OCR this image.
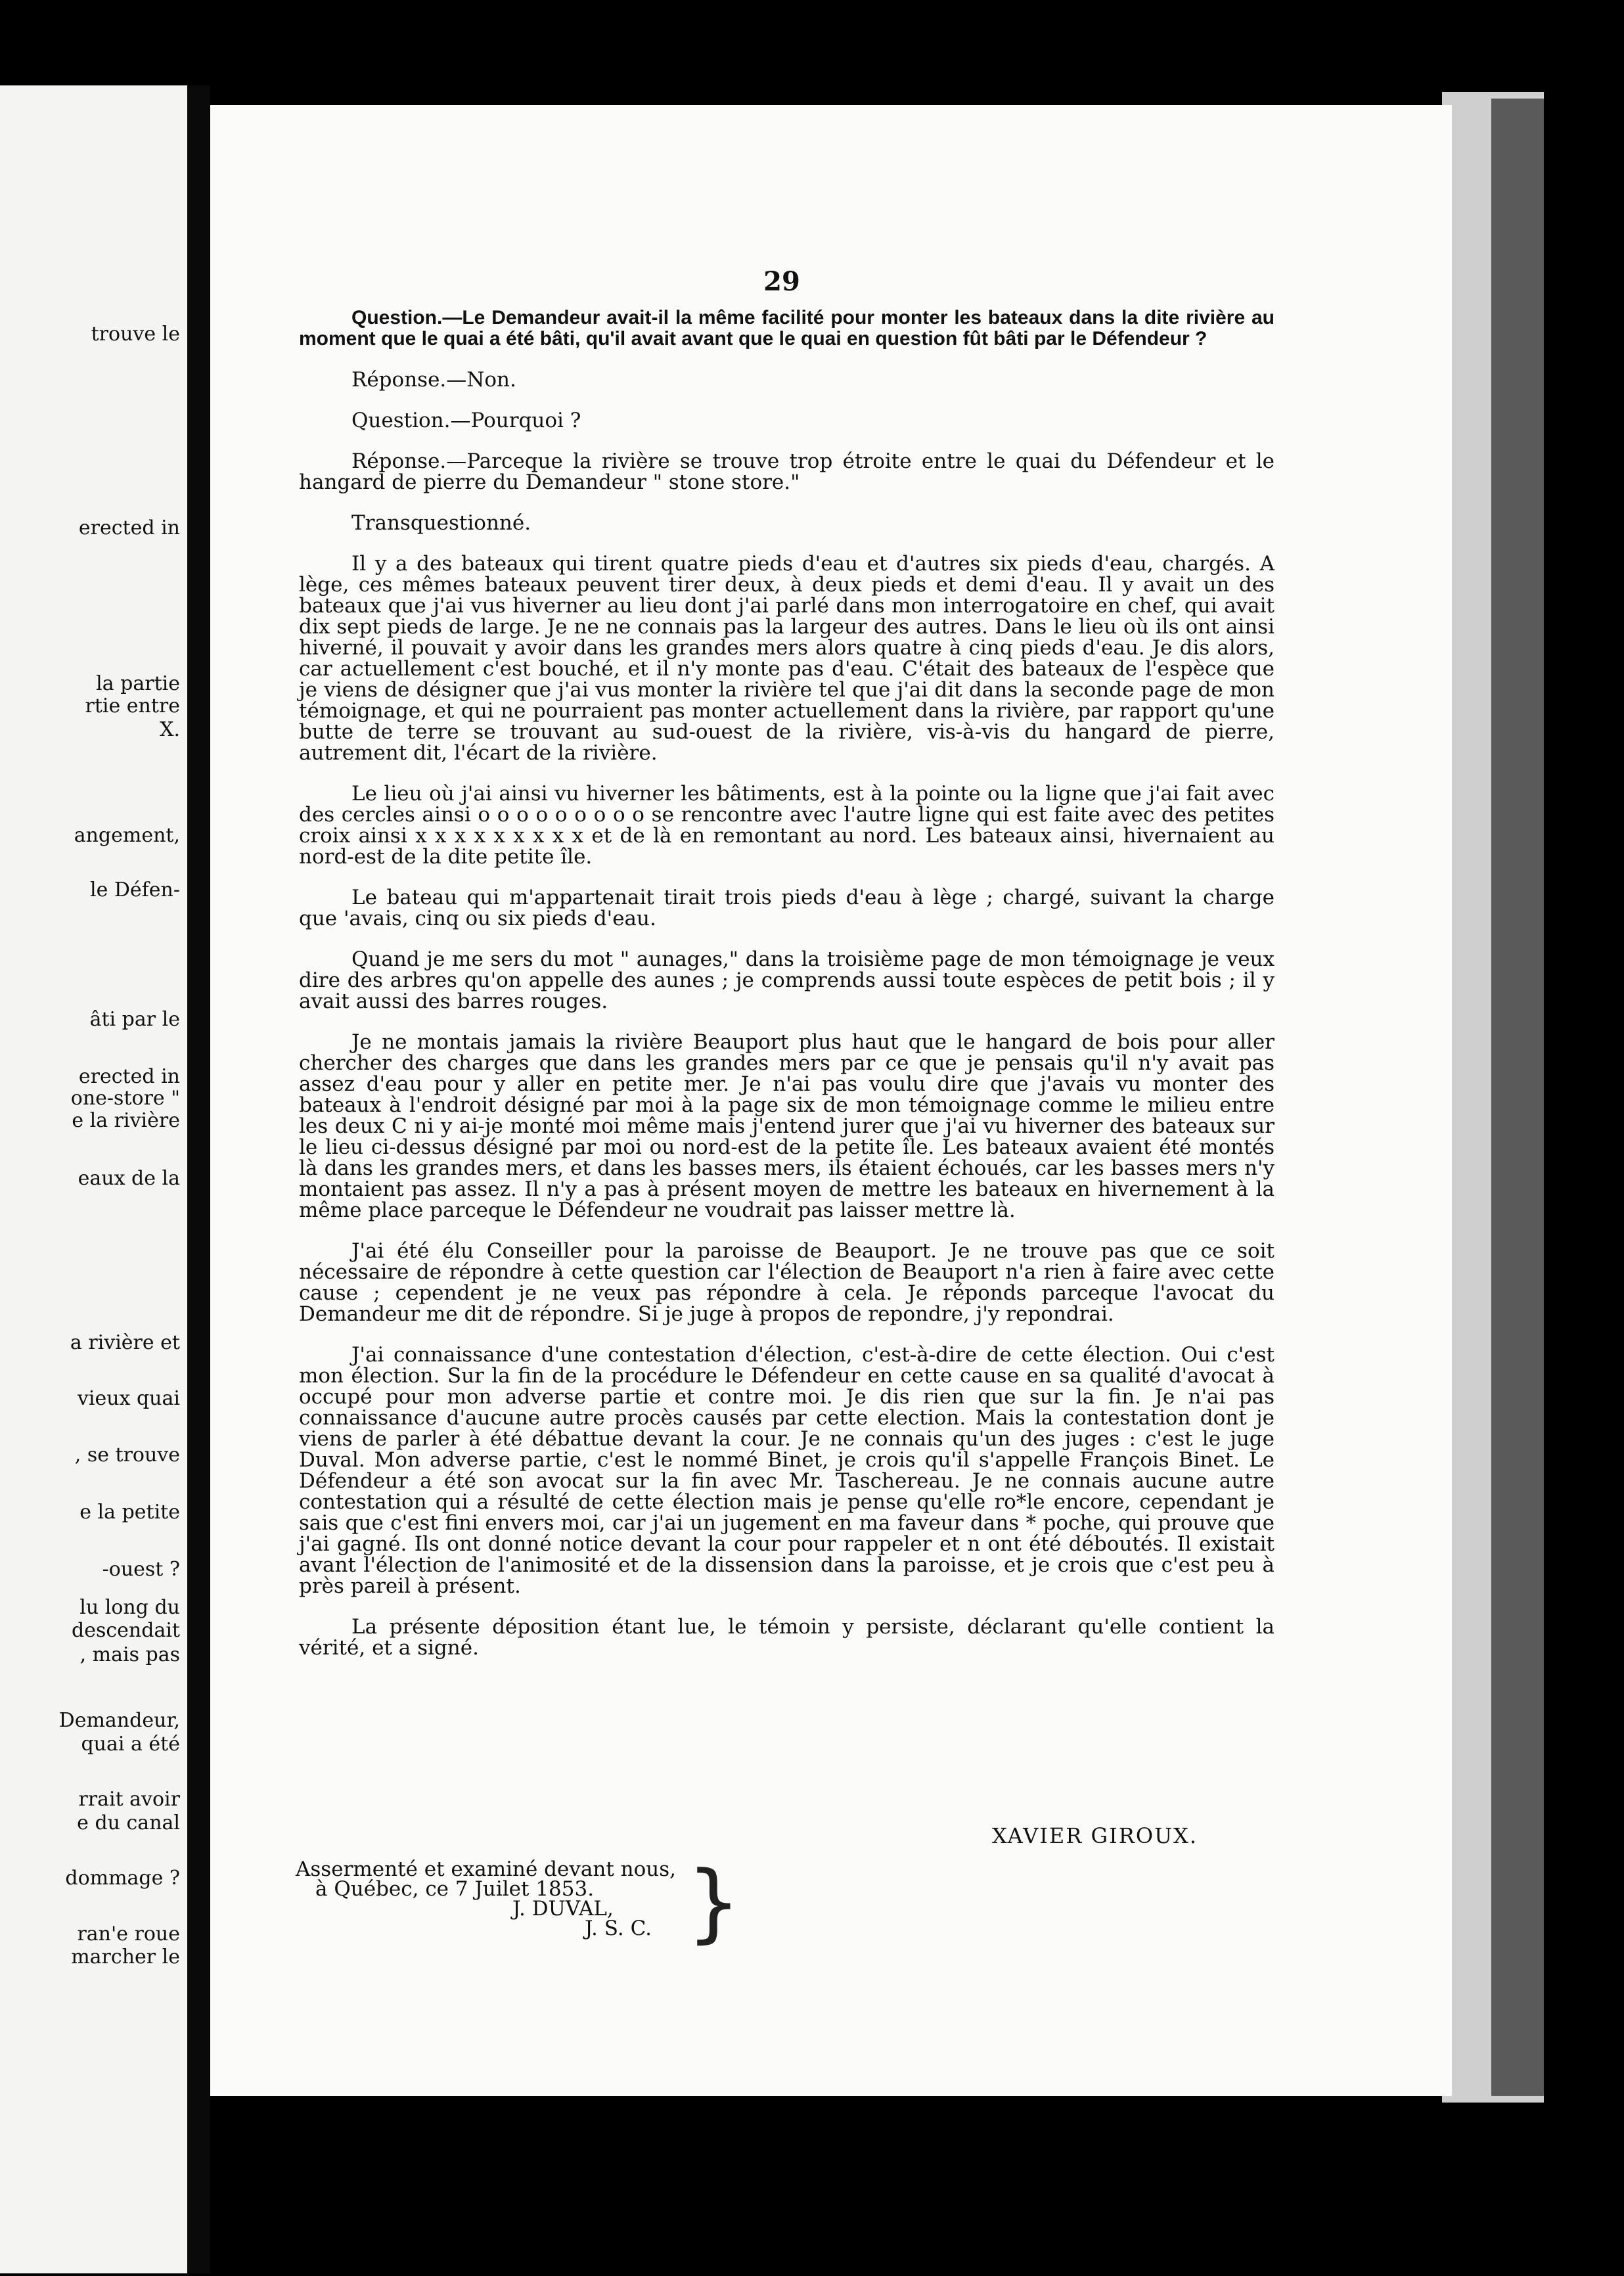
trouve le
erected in
la partie
rtie entre
X.
angement,
le Défen-
âti par le
erected in
one-store "
e la rivière
eaux de la
a rivière et
vieux quai
, se trouve
e la petite
-ouest ?
lu long du
descendait
, mais pas
Demandeur,
quai a été
rrait avoir
e du canal
dommage ?
ran'e roue
marcher le
29

Question.—Le Demandeur avait-il la même facilité pour monter les bateaux dans la dite rivière au moment que le quai a été bâti, qu'il avait avant que le quai en question fût bâti par le Défendeur ?

Réponse.—Non.

Question.—Pourquoi ?

Réponse.—Parceque la rivière se trouve trop étroite entre le quai du Défendeur et le hangard de pierre du Demandeur " stone store."

Transquestionné.

Il y a des bateaux qui tirent quatre pieds d'eau et d'autres six pieds d'eau, chargés. A lège, ces mêmes bateaux peuvent tirer deux, à deux pieds et demi d'eau. Il y avait un des bateaux que j'ai vus hiverner au lieu dont j'ai parlé dans mon interrogatoire en chef, qui avait dix sept pieds de large. Je ne ne connais pas la largeur des autres. Dans le lieu où ils ont ainsi hiverné, il pouvait y avoir dans les grandes mers alors quatre à cinq pieds d'eau. Je dis alors, car actuellement c'est bouché, et il n'y monte pas d'eau. C'était des bateaux de l'espèce que je viens de désigner que j'ai vus monter la rivière tel que j'ai dit dans la seconde page de mon témoignage, et qui ne pourraient pas monter actuellement dans la rivière, par rapport qu'une butte de terre se trouvant au sud-ouest de la rivière, vis-à-vis du hangard de pierre, autrement dit, l'écart de la rivière.

Le lieu où j'ai ainsi vu hiverner les bâtiments, est à la pointe ou la ligne que j'ai fait avec des cercles ainsi o o o o o o o o o se rencontre avec l'autre ligne qui est faite avec des petites croix ainsi x x x x x x x x x et de là en remontant au nord. Les bateaux ainsi, hivernaient au nord-est de la dite petite île.

Le bateau qui m'appartenait tirait trois pieds d'eau à lège ; chargé, suivant la charge que 'avais, cinq ou six pieds d'eau.

Quand je me sers du mot " aunages," dans la troisième page de mon témoignage je veux dire des arbres qu'on appelle des aunes ; je comprends aussi toute espèces de petit bois ; il y avait aussi des barres rouges.

Je ne montais jamais la rivière Beauport plus haut que le hangard de bois pour aller chercher des charges que dans les grandes mers par ce que je pensais qu'il n'y avait pas assez d'eau pour y aller en petite mer. Je n'ai pas voulu dire que j'avais vu monter des bateaux à l'endroit désigné par moi à la page six de mon témoignage comme le milieu entre les deux C ni y ai-je monté moi même mais j'entend jurer que j'ai vu hiverner des bateaux sur le lieu ci-dessus désigné par moi ou nord-est de la petite île. Les bateaux avaient été montés là dans les grandes mers, et dans les basses mers, ils étaient échoués, car les basses mers n'y montaient pas assez. Il n'y a pas à présent moyen de mettre les bateaux en hivernement à la même place parceque le Défendeur ne voudrait pas laisser mettre là.

J'ai été élu Conseiller pour la paroisse de Beauport. Je ne trouve pas que ce soit nécessaire de répondre à cette question car l'élection de Beauport n'a rien à faire avec cette cause ; cependent je ne veux pas répondre à cela. Je réponds parceque l'avocat du Demandeur me dit de répondre. Si je juge à propos de repondre, j'y repondrai.

J'ai connaissance d'une contestation d'élection, c'est-à-dire de cette élection. Oui c'est mon élection. Sur la fin de la procédure le Défendeur en cette cause en sa qualité d'avocat à occupé pour mon adverse partie et contre moi. Je dis rien que sur la fin. Je n'ai pas connaissance d'aucune autre procès causés par cette election. Mais la contestation dont je viens de parler à été débattue devant la cour. Je ne connais qu'un des juges : c'est le juge Duval. Mon adverse partie, c'est le nommé Binet, je crois qu'il s'appelle François Binet. Le Défendeur a été son avocat sur la fin avec Mr. Taschereau. Je ne connais aucune autre contestation qui a résulté de cette élection mais je pense qu'elle ro*le encore, cependant je sais que c'est fini envers moi, car j'ai un jugement en ma faveur dans * poche, qui prouve que j'ai gagné. Ils ont donné notice devant la cour pour rappeler et n ont été déboutés. Il existait avant l'élection de l'animosité et de la dissension dans la paroisse, et je crois que c'est peu à près pareil à présent.

La présente déposition étant lue, le témoin y persiste, déclarant qu'elle contient la vérité, et a signé.

XAVIER GIROUX.
Assermenté et examiné devant nous,
à Québec, ce 7 Juilet 1853.
J. DUVAL,
J. S. C. }
